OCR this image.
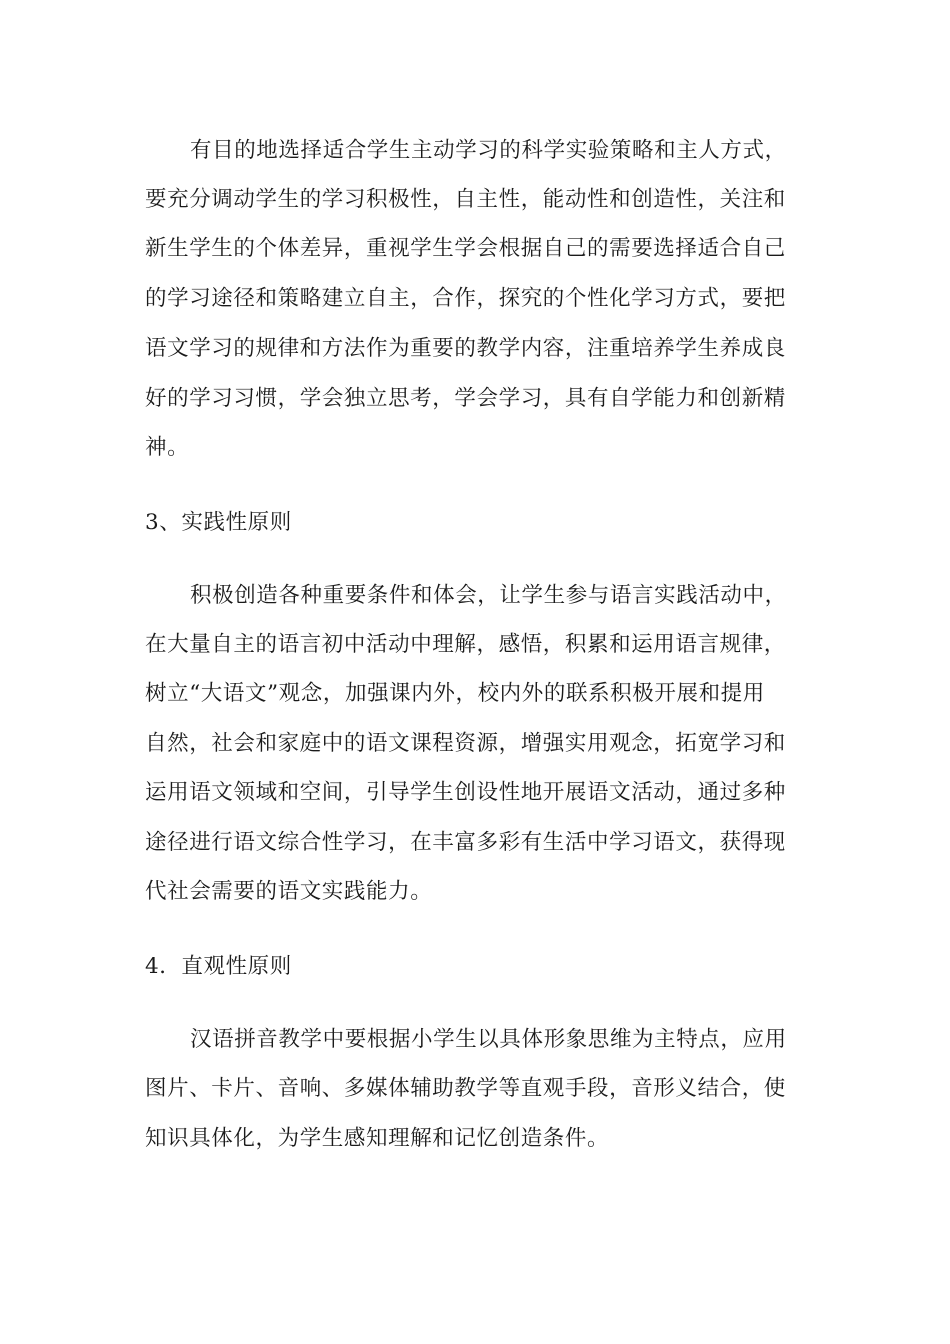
有目的地选择适合学生主动学习的科学实验策略和主人方式，
要充分调动学生的学习积极性，自主性，能动性和创造性，关注和
新生学生的个体差异，重视学生学会根据自己的需要选择适合自己
的学习途径和策略建立自主，合作，探究的个性化学习方式，要把
语文学习的规律和方法作为重要的教学内容，注重培养学生养成良
好的学习习惯，学会独立思考，学会学习，具有自学能力和创新精
神。
3、实践性原则
积极创造各种重要条件和体会，让学生参与语言实践活动中，
在大量自主的语言初中活动中理解，感悟，积累和运用语言规律，
树立“大语文”观念，加强课内外，校内外的联系积极开展和提用
自然，社会和家庭中的语文课程资源，增强实用观念，拓宽学习和
运用语文领域和空间，引导学生创设性地开展语文活动，通过多种
途径进行语文综合性学习，在丰富多彩有生活中学习语文，获得现
代社会需要的语文实践能力。
4．直观性原则
汉语拼音教学中要根据小学生以具体形象思维为主特点，应用
图片、卡片、音响、多媒体辅助教学等直观手段，音形义结合，使
知识具体化，为学生感知理解和记忆创造条件。
